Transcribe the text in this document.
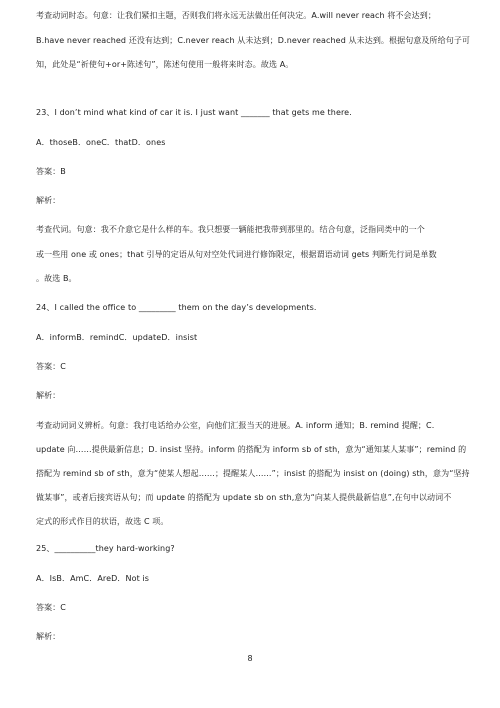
考查动词时态。句意：让我们紧扣主题，否则我们将永远无法做出任何决定。A.will never reach 将不会达到；
B.have never reached 还没有达到；C.never reach 从未达到；D.never reached 从未达到。根据句意及所给句子可
知，此处是“祈使句+or+陈述句”，陈述句使用一般将来时态。故选 A。
23、I don’t mind what kind of car it is. I just want _______ that gets me there.
A．thoseB．oneC．thatD．ones
答案：B
解析：
考查代词。句意：我不介意它是什么样的车。我只想要一辆能把我带到那里的。结合句意，泛指同类中的一个
或一些用 one 或 ones；that 引导的定语从句对空处代词进行修饰限定，根据谓语动词 gets 判断先行词是单数
。故选 B。
24、I called the office to _________ them on the day’s developments.
A．informB．remindC．updateD．insist
答案：C
解析：
考查动词词义辨析。句意：我打电话给办公室，向他们汇报当天的进展。A. inform 通知；B. remind 提醒；C.
update 向……提供最新信息；D. insist 坚持。inform 的搭配为 inform sb of sth，意为“通知某人某事”；remind 的
搭配为 remind sb of sth，意为“使某人想起……；提醒某人……”；insist 的搭配为 insist on (doing) sth，意为“坚持
做某事”，或者后接宾语从句；而 update 的搭配为 update sb on sth,意为“向某人提供最新信息”,在句中以动词不
定式的形式作目的状语，故选 C 项。
25、__________they hard-working?
A．IsB．AmC．AreD．Not is
答案：C
解析：
8
